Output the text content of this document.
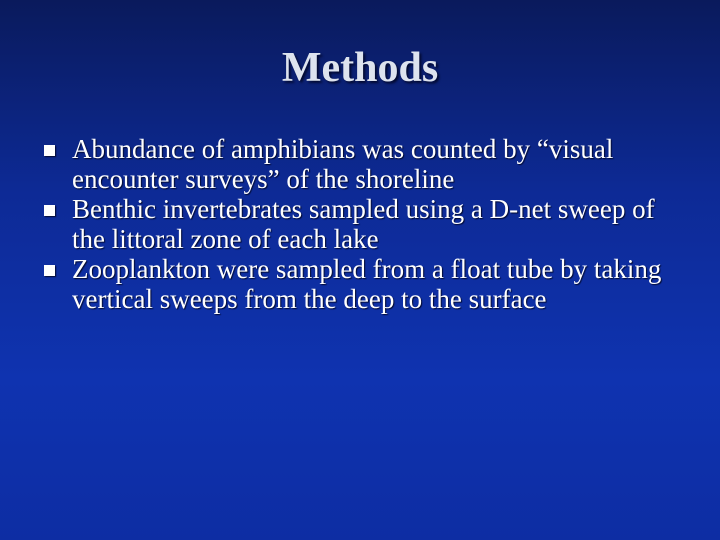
Methods
Abundance of amphibians was counted by “visual encounter surveys” of the shoreline
Benthic invertebrates sampled using a D-net sweep of the littoral zone of each lake
Zooplankton were sampled from a float tube by taking vertical sweeps from the deep to the surface
